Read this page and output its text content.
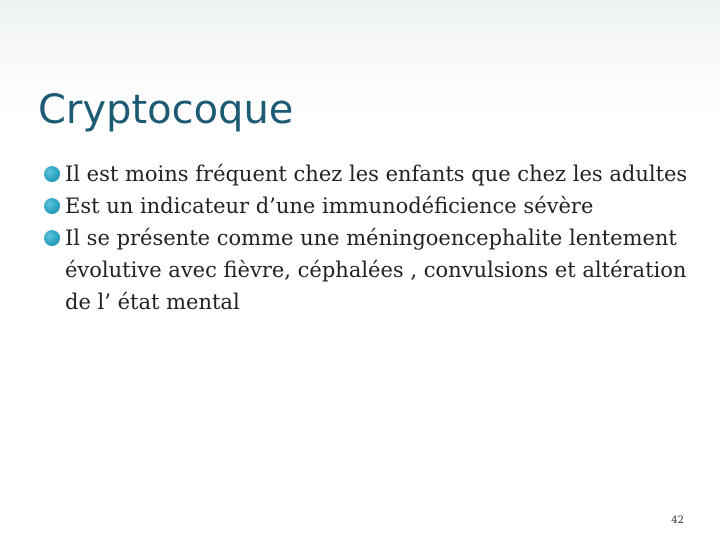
Cryptocoque
Il est moins fréquent chez les enfants que chez les adultes
Est un indicateur d’une immunodéficience sévère
Il se présente comme une méningoencephalite lentement évolutive avec fièvre, céphalées , convulsions et altération de l’ état mental
42
